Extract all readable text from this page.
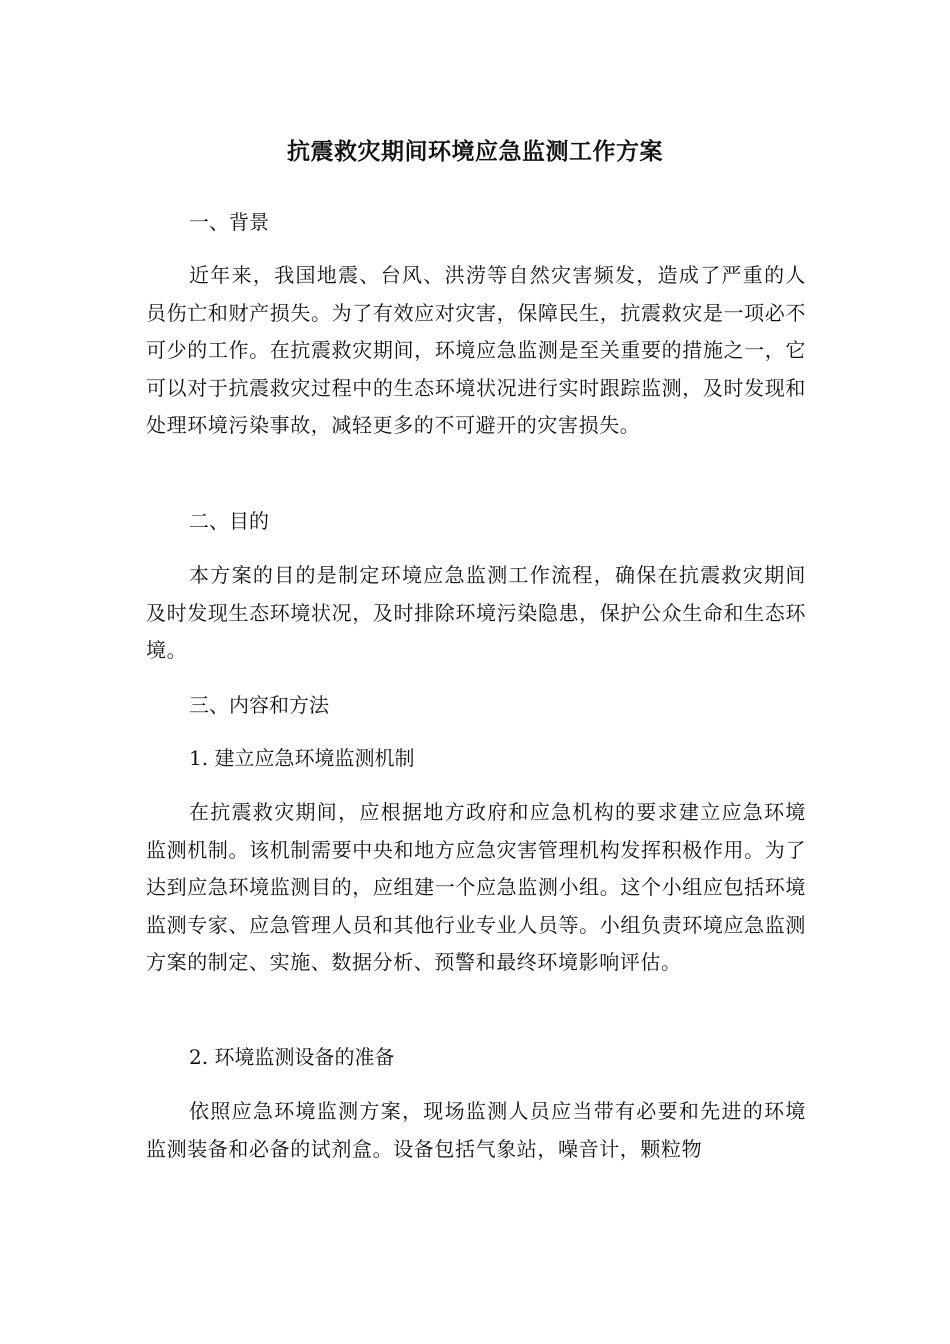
抗震救灾期间环境应急监测工作方案

一、背景

近年来，我国地震、台风、洪涝等自然灾害频发，造成了严重的人员伤亡和财产损失。为了有效应对灾害，保障民生，抗震救灾是一项必不可少的工作。在抗震救灾期间，环境应急监测是至关重要的措施之一，它可以对于抗震救灾过程中的生态环境状况进行实时跟踪监测，及时发现和处理环境污染事故，减轻更多的不可避开的灾害损失。

二、目的

本方案的目的是制定环境应急监测工作流程，确保在抗震救灾期间及时发现生态环境状况，及时排除环境污染隐患，保护公众生命和生态环境。

三、内容和方法

1. 建立应急环境监测机制

在抗震救灾期间，应根据地方政府和应急机构的要求建立应急环境监测机制。该机制需要中央和地方应急灾害管理机构发挥积极作用。为了达到应急环境监测目的，应组建一个应急监测小组。这个小组应包括环境监测专家、应急管理人员和其他行业专业人员等。小组负责环境应急监测方案的制定、实施、数据分析、预警和最终环境影响评估。

2. 环境监测设备的准备

依照应急环境监测方案，现场监测人员应当带有必要和先进的环境监测装备和必备的试剂盒。设备包括气象站，噪音计，颗粒物
